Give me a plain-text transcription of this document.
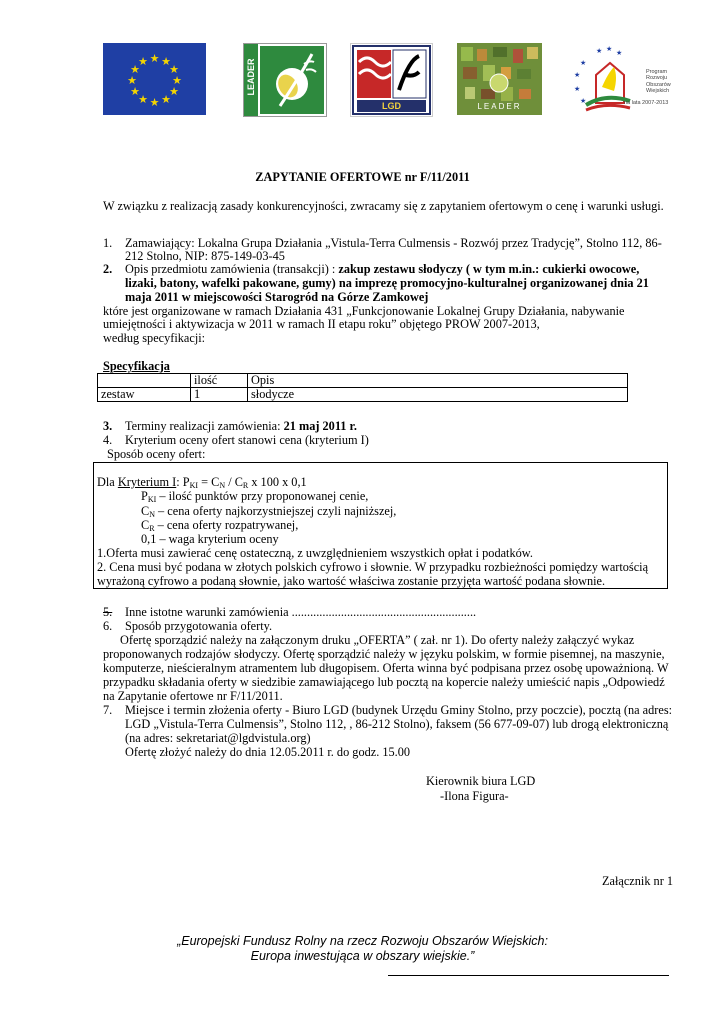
★ ★
★
★
★
★
★
★
★
★
★
★	LEADER
LGD	LEADER
★ ★ ★
★
★
★
★
Program
Rozwoju
Obszarów
Wiejskich
na lata 2007-2013
ZAPYTANIE OFERTOWE nr F/11/2011
W związku z realizacją zasady konkurencyjności, zwracamy się z zapytaniem ofertowym o cenę i warunki usługi.
1. Zamawiający: Lokalna Grupa Działania „Vistula-Terra Culmensis - Rozwój przez Tradycję”, Stolno 112, 86-
212 Stolno, NIP: 875-149-03-45
2. Opis przedmiotu zamówienia (transakcji) : zakup zestawu słodyczy ( w tym m.in.: cukierki owocowe,
lizaki, batony, wafelki pakowane, gumy) na imprezę promocyjno-kulturalnej organizowanej dnia 21
maja 2011 w miejscowości Starogród na Górze Zamkowej
które jest organizowane w ramach Działania 431 „Funkcjonowanie Lokalnej Grupy Działania, nabywanie
umiejętności i aktywizacja w 2011 w ramach II etapu roku” objętego PROW 2007-2013,
według specyfikacji:
Specyfikacja
	ilość	Opis
zestaw	1	słodycze
3. Terminy realizacji zamówienia: 21 maj 2011 r.
4. Kryterium oceny ofert stanowi cena (kryterium I)
Sposób oceny ofert:
Dla Kryterium I: $P_{KI} = C_N / C_R$ x 100 x 0,1
$P_{KI}$ – ilość punktów przy proponowanej cenie,
$C_N$ – cena oferty najkorzystniejszej czyli najniższej,
$C_R$ – cena oferty rozpatrywanej,
0,1 – waga kryterium oceny
1.Oferta musi zawierać cenę ostateczną, z uwzględnieniem wszystkich opłat i podatków.
2. Cena musi być podana w złotych polskich cyfrowo i słownie. W przypadku rozbieżności pomiędzy wartością
wyrażoną cyfrowo a podaną słownie, jako wartość właściwa zostanie przyjęta wartość podana słownie.
5. Inne istotne warunki zamówienia ............................................................
6. Sposób przygotowania oferty.
Ofertę sporządzić należy na załączonym druku „OFERTA” ( zał. nr 1). Do oferty należy załączyć wykaz
proponowanych rodzajów słodyczy. Ofertę sporządzić należy w języku polskim, w formie pisemnej, na maszynie,
komputerze, nieścieralnym atramentem lub długopisem. Oferta winna być podpisana przez osobę upoważnioną. W
przypadku składania oferty w siedzibie zamawiającego lub pocztą na kopercie należy umieścić napis „Odpowiedź
na Zapytanie ofertowe nr F/11/2011.
7. Miejsce i termin złożenia oferty - Biuro LGD (budynek Urzędu Gminy Stolno, przy poczcie), pocztą (na adres:
LGD „Vistula-Terra Culmensis”, Stolno 112, , 86-212 Stolno), faksem (56 677-09-07) lub drogą elektroniczną
(na adres: sekretariat@lgdvistula.org)
Ofertę złożyć należy do dnia 12.05.2011 r. do godz. 15.00
Kierownik biura LGD
-Ilona Figura-
Załącznik nr 1
„Europejski Fundusz Rolny na rzecz Rozwoju Obszarów Wiejskich:
Europa inwestująca w obszary wiejskie.”
